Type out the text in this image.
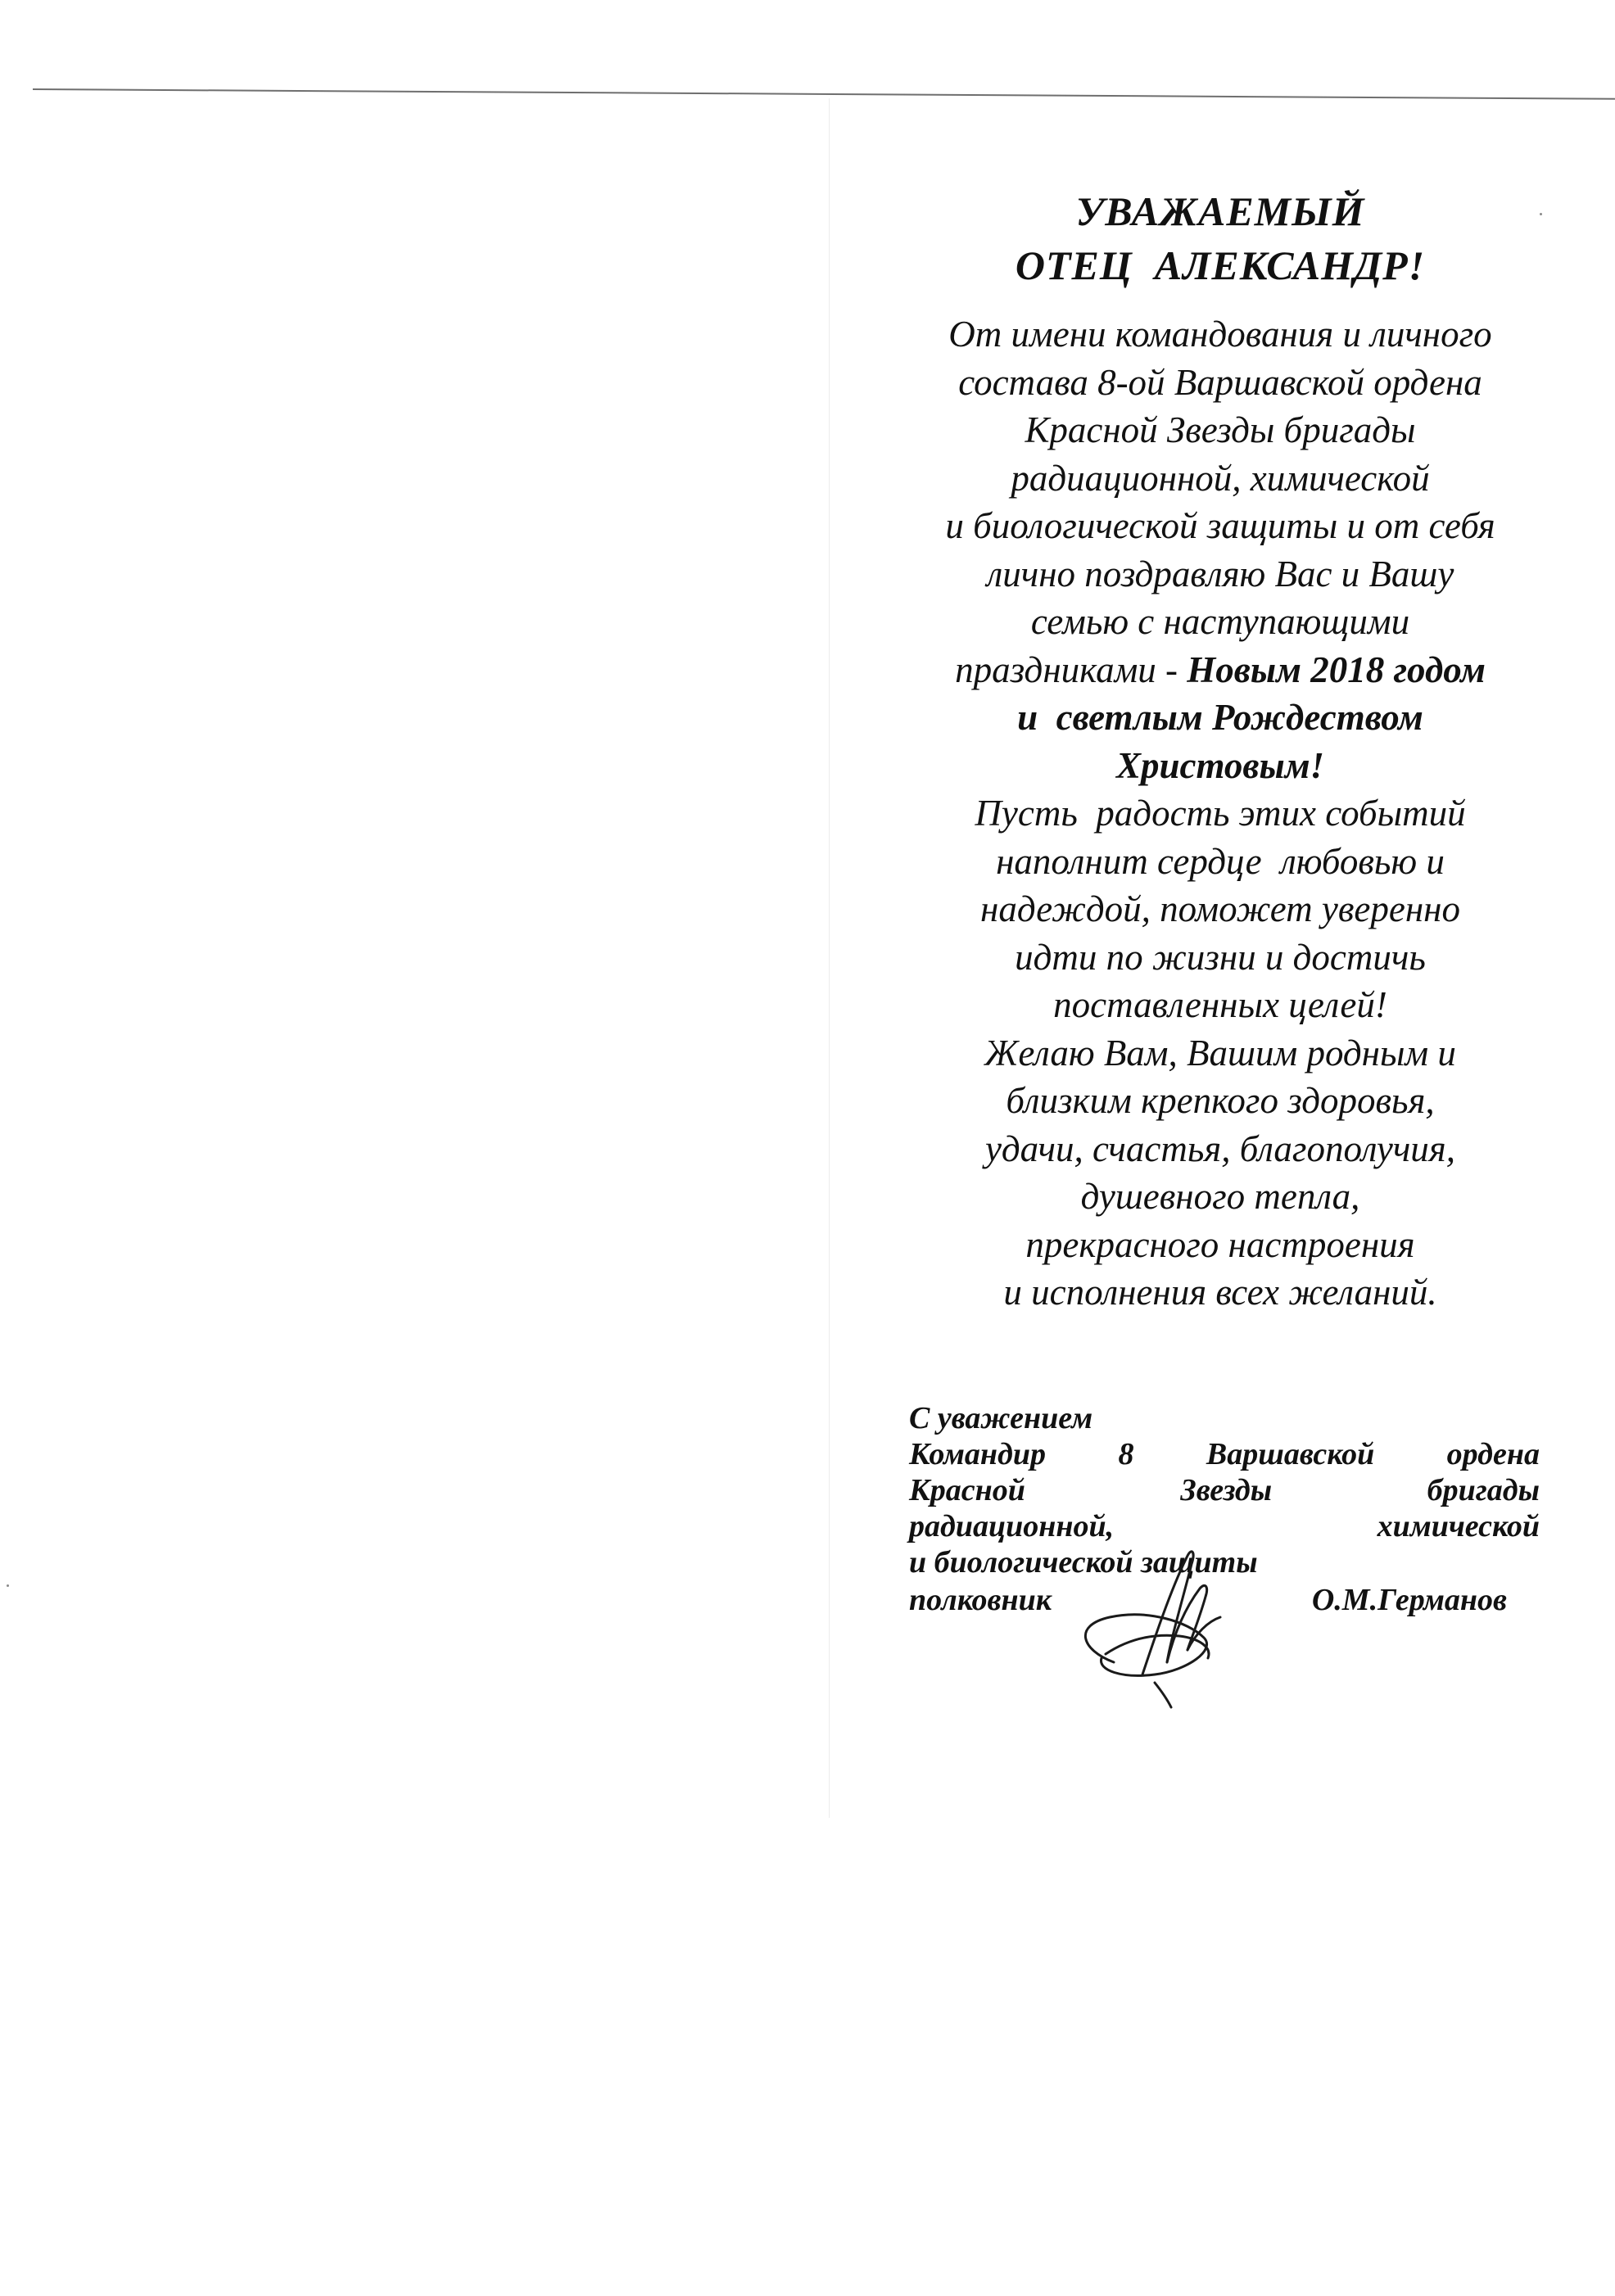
УВАЖАЕМЫЙ
ОТЕЦ  АЛЕКСАНДР!
От имени командования и личного
состава 8-ой Варшавской ордена
Красной Звезды бригады
радиационной, химической
и биологической защиты и от себя
лично поздравляю Вас и Вашу
семью с наступающими
праздниками - Новым 2018 годом
и  светлым Рождеством
Христовым!
Пусть  радость этих событий
наполнит сердце  любовью и
надеждой, поможет уверенно
идти по жизни и достичь
поставленных целей!
Желаю Вам, Вашим родным и
близким крепкого здоровья,
удачи, счастья, благополучия,
душевного тепла,
прекрасного настроения
и исполнения всех желаний.
С уважением
Командир 8 Варшавской ордена
Красной Звезды бригады
радиационной, химической
и биологической защиты
полковник	О.М.Германов
